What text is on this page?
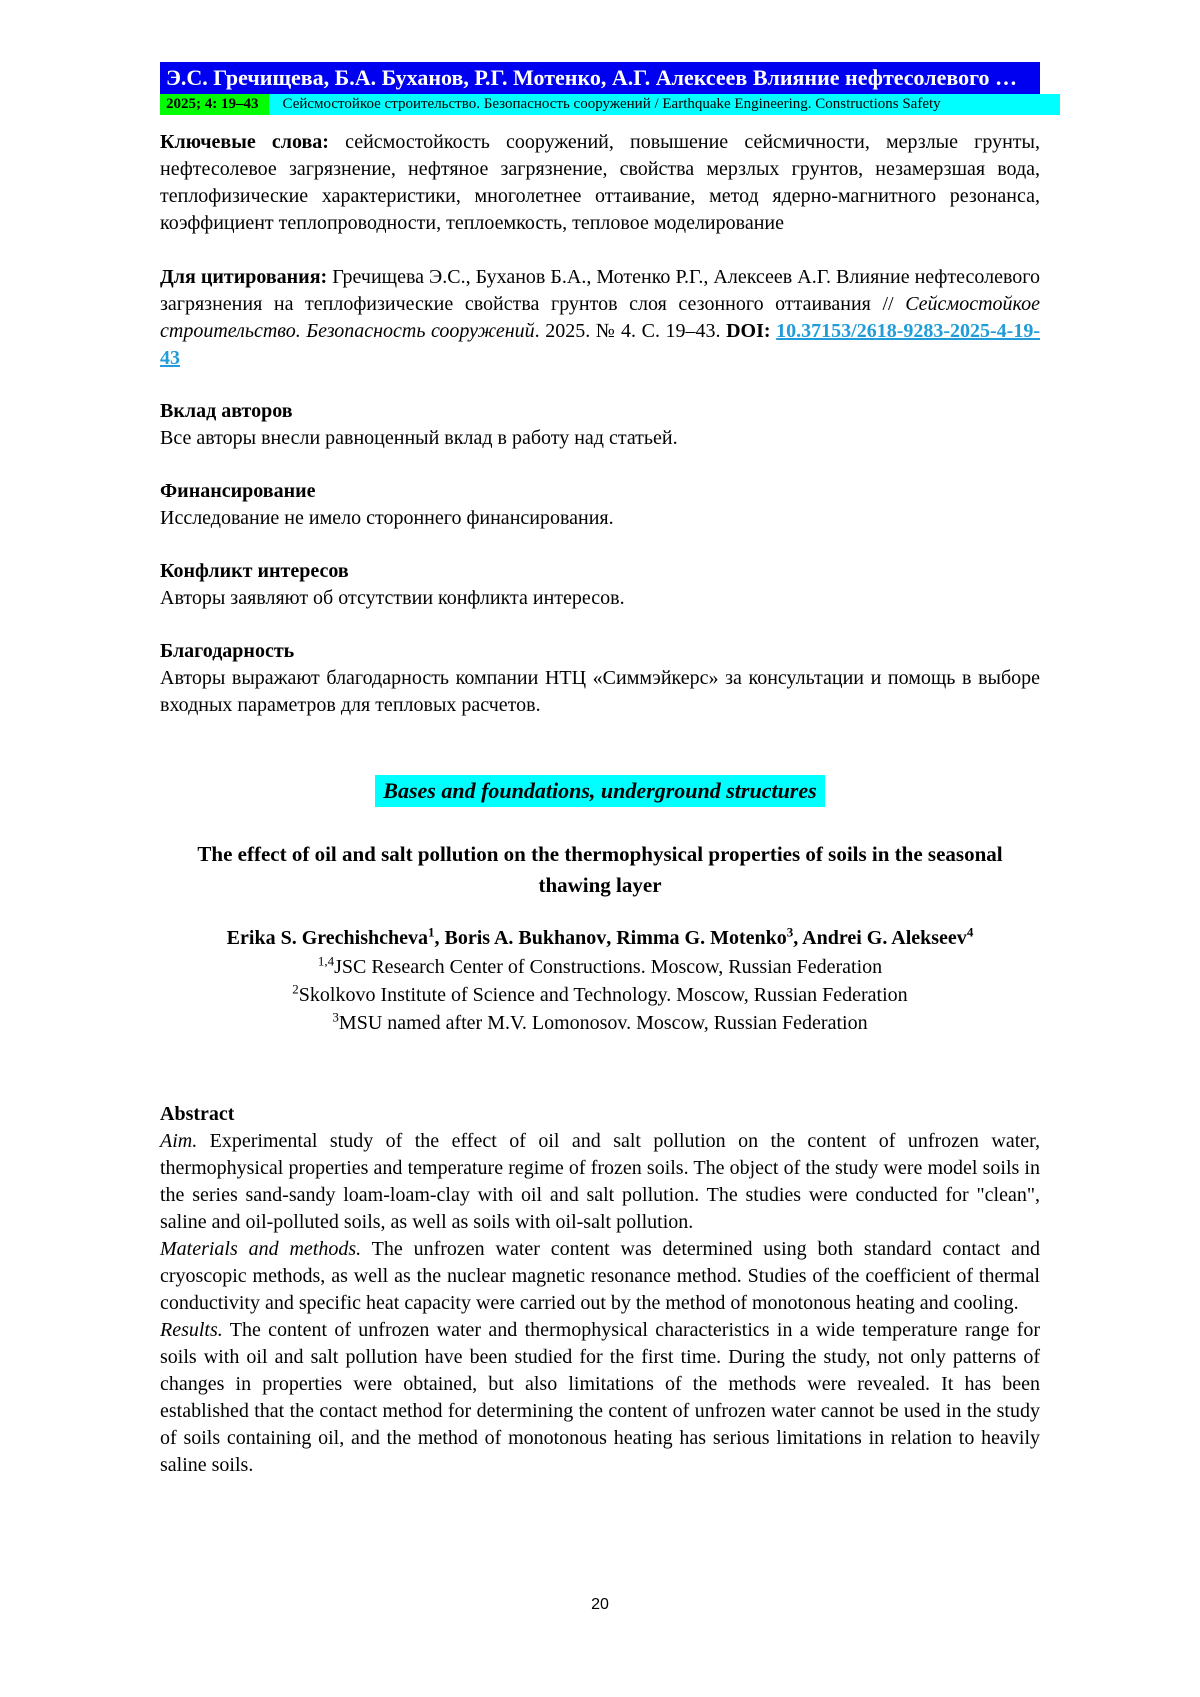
Э.С. Гречищева, Б.А. Буханов, Р.Г. Мотенко, А.Г. Алексеев Влияние нефтесолевого …
2025; 4: 19–43	Сейсмостойкое строительство. Безопасность сооружений / Earthquake Engineering. Constructions Safety

Ключевые слова: сейсмостойкость сооружений, повышение сейсмичности, мерзлые грунты, нефтесолевое загрязнение, нефтяное загрязнение, свойства мерзлых грунтов, незамерзшая вода, теплофизические характеристики, многолетнее оттаивание, метод ядерно-магнитного резонанса, коэффициент теплопроводности, теплоемкость, тепловое моделирование

Для цитирования: Гречищева Э.С., Буханов Б.А., Мотенко Р.Г., Алексеев А.Г. Влияние нефтесолевого загрязнения на теплофизические свойства грунтов слоя сезонного оттаивания // Сейсмостойкое строительство. Безопасность сооружений. 2025. № 4. С. 19–43. DOI: 10.37153/2618-9283-2025-4-19-43

Вклад авторов
Все авторы внесли равноценный вклад в работу над статьей.
Финансирование
Исследование не имело стороннего финансирования.
Конфликт интересов
Авторы заявляют об отсутствии конфликта интересов.
Благодарность
Авторы выражают благодарность компании НТЦ «Симмэйкерс» за консультации и помощь в выборе входных параметров для тепловых расчетов.
Bases and foundations, underground structures
The effect of oil and salt pollution on the thermophysical properties of soils in the seasonal thawing layer
Erika S. Grechishcheva$^1$, Boris A. Bukhanov, Rimma G. Motenko$^3$, Andrei G. Alekseev$^4$
$^{1,4}$JSC Research Center of Constructions. Moscow, Russian Federation
$^2$Skolkovo Institute of Science and Technology. Moscow, Russian Federation
$^3$MSU named after M.V. Lomonosov. Moscow, Russian Federation
Abstract

Aim. Experimental study of the effect of oil and salt pollution on the content of unfrozen water, thermophysical properties and temperature regime of frozen soils. The object of the study were model soils in the series sand-sandy loam-loam-clay with oil and salt pollution. The studies were conducted for "clean", saline and oil-polluted soils, as well as soils with oil-salt pollution.

Materials and methods. The unfrozen water content was determined using both standard contact and cryoscopic methods, as well as the nuclear magnetic resonance method. Studies of the coefficient of thermal conductivity and specific heat capacity were carried out by the method of monotonous heating and cooling.

Results. The content of unfrozen water and thermophysical characteristics in a wide temperature range for soils with oil and salt pollution have been studied for the first time. During the study, not only patterns of changes in properties were obtained, but also limitations of the methods were revealed. It has been established that the contact method for determining the content of unfrozen water cannot be used in the study of soils containing oil, and the method of monotonous heating has serious limitations in relation to heavily saline soils.

20
